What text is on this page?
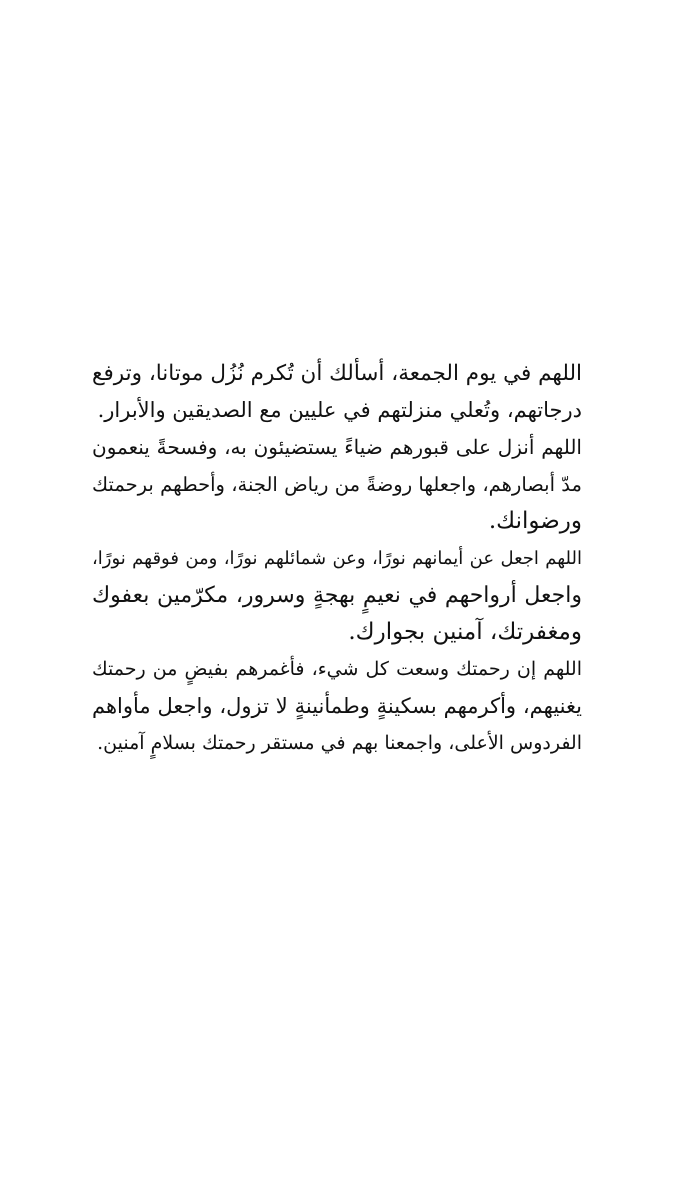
اللهم في يوم الجمعة، أسألك أن تُكرم نُزُل موتانا، وترفع
درجاتهم، وتُعلي منزلتهم في عليين مع الصديقين والأبرار.
اللهم أنزل على قبورهم ضياءً يستضيئون به، وفسحةً ينعمون
مدّ أبصارهم، واجعلها روضةً من رياض الجنة، وأحطهم برحمتك
ورضوانك.
اللهم اجعل عن أيمانهم نورًا، وعن شمائلهم نورًا، ومن فوقهم نورًا،
واجعل أرواحهم في نعيمٍ بهجةٍ وسرور، مكرّمين بعفوك
ومغفرتك، آمنين بجوارك.
اللهم إن رحمتك وسعت كل شيء، فأغمرهم بفيضٍ من رحمتك
يغنيهم، وأكرمهم بسكينةٍ وطمأنينةٍ لا تزول، واجعل مأواهم
الفردوس الأعلى، واجمعنا بهم في مستقر رحمتك بسلامٍ آمنين.
